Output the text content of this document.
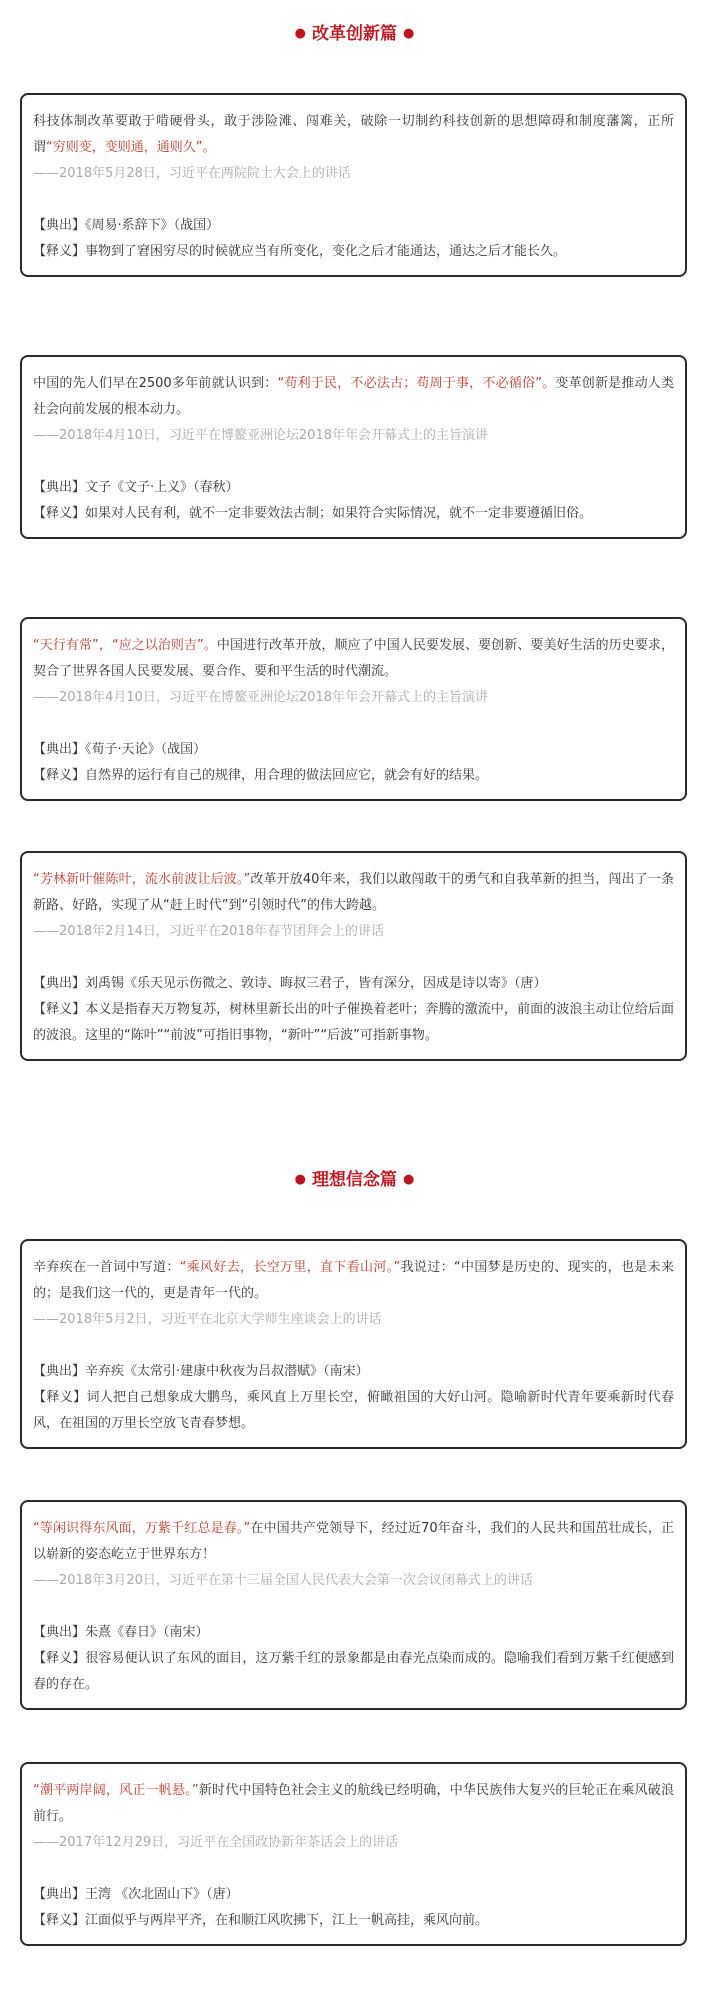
● 改革创新篇 ●

科技体制改革要敢于啃硬骨头，敢于涉险滩、闯难关，破除一切制约科技创新的思想障碍和制度藩篱，正所谓“穷则变，变则通，通则久”。

——2018年5月28日，习近平在两院院士大会上的讲话

【典出】《周易·系辞下》（战国）

【释义】事物到了窘困穷尽的时候就应当有所变化，变化之后才能通达，通达之后才能长久。

中国的先人们早在2500多年前就认识到：“苟利于民，不必法古；苟周于事，不必循俗”。变革创新是推动人类社会向前发展的根本动力。

——2018年4月10日，习近平在博鳌亚洲论坛2018年年会开幕式上的主旨演讲

【典出】文子《文子·上义》（春秋）

【释义】如果对人民有利，就不一定非要效法古制；如果符合实际情况，就不一定非要遵循旧俗。

“天行有常”，“应之以治则吉”。中国进行改革开放，顺应了中国人民要发展、要创新、要美好生活的历史要求，契合了世界各国人民要发展、要合作、要和平生活的时代潮流。

——2018年4月10日，习近平在博鳌亚洲论坛2018年年会开幕式上的主旨演讲

【典出】《荀子·天论》（战国）

【释义】自然界的运行有自己的规律，用合理的做法回应它，就会有好的结果。

“芳林新叶催陈叶，流水前波让后波。”改革开放40年来，我们以敢闯敢干的勇气和自我革新的担当，闯出了一条新路、好路，实现了从“赶上时代”到“引领时代”的伟大跨越。

——2018年2月14日，习近平在2018年春节团拜会上的讲话

【典出】刘禹锡《乐天见示伤微之、敦诗、晦叔三君子，皆有深分，因成是诗以寄》（唐）

【释义】本义是指春天万物复苏，树林里新长出的叶子催换着老叶；奔腾的激流中，前面的波浪主动让位给后面的波浪。这里的“陈叶”“前波”可指旧事物，“新叶”“后波”可指新事物。

● 理想信念篇 ●

辛弃疾在一首词中写道：“乘风好去，长空万里，直下看山河。”我说过：“中国梦是历史的、现实的，也是未来的；是我们这一代的，更是青年一代的。

——2018年5月2日，习近平在北京大学师生座谈会上的讲话

【典出】辛弃疾《太常引·建康中秋夜为吕叔潜赋》（南宋）

【释义】词人把自己想象成大鹏鸟，乘风直上万里长空，俯瞰祖国的大好山河。隐喻新时代青年要乘新时代春风，在祖国的万里长空放飞青春梦想。

“等闲识得东风面，万紫千红总是春。”在中国共产党领导下，经过近70年奋斗，我们的人民共和国茁壮成长，正以崭新的姿态屹立于世界东方！

——2018年3月20日，习近平在第十三届全国人民代表大会第一次会议闭幕式上的讲话

【典出】朱熹《春日》（南宋）

【释义】很容易便认识了东风的面目，这万紫千红的景象都是由春光点染而成的。隐喻我们看到万紫千红便感到春的存在。

“潮平两岸阔，风正一帆悬。”新时代中国特色社会主义的航线已经明确，中华民族伟大复兴的巨轮正在乘风破浪前行。

——2017年12月29日，习近平在全国政协新年茶话会上的讲话

【典出】王湾 《次北固山下》（唐）

【释义】江面似乎与两岸平齐，在和顺江风吹拂下，江上一帆高挂，乘风向前。
